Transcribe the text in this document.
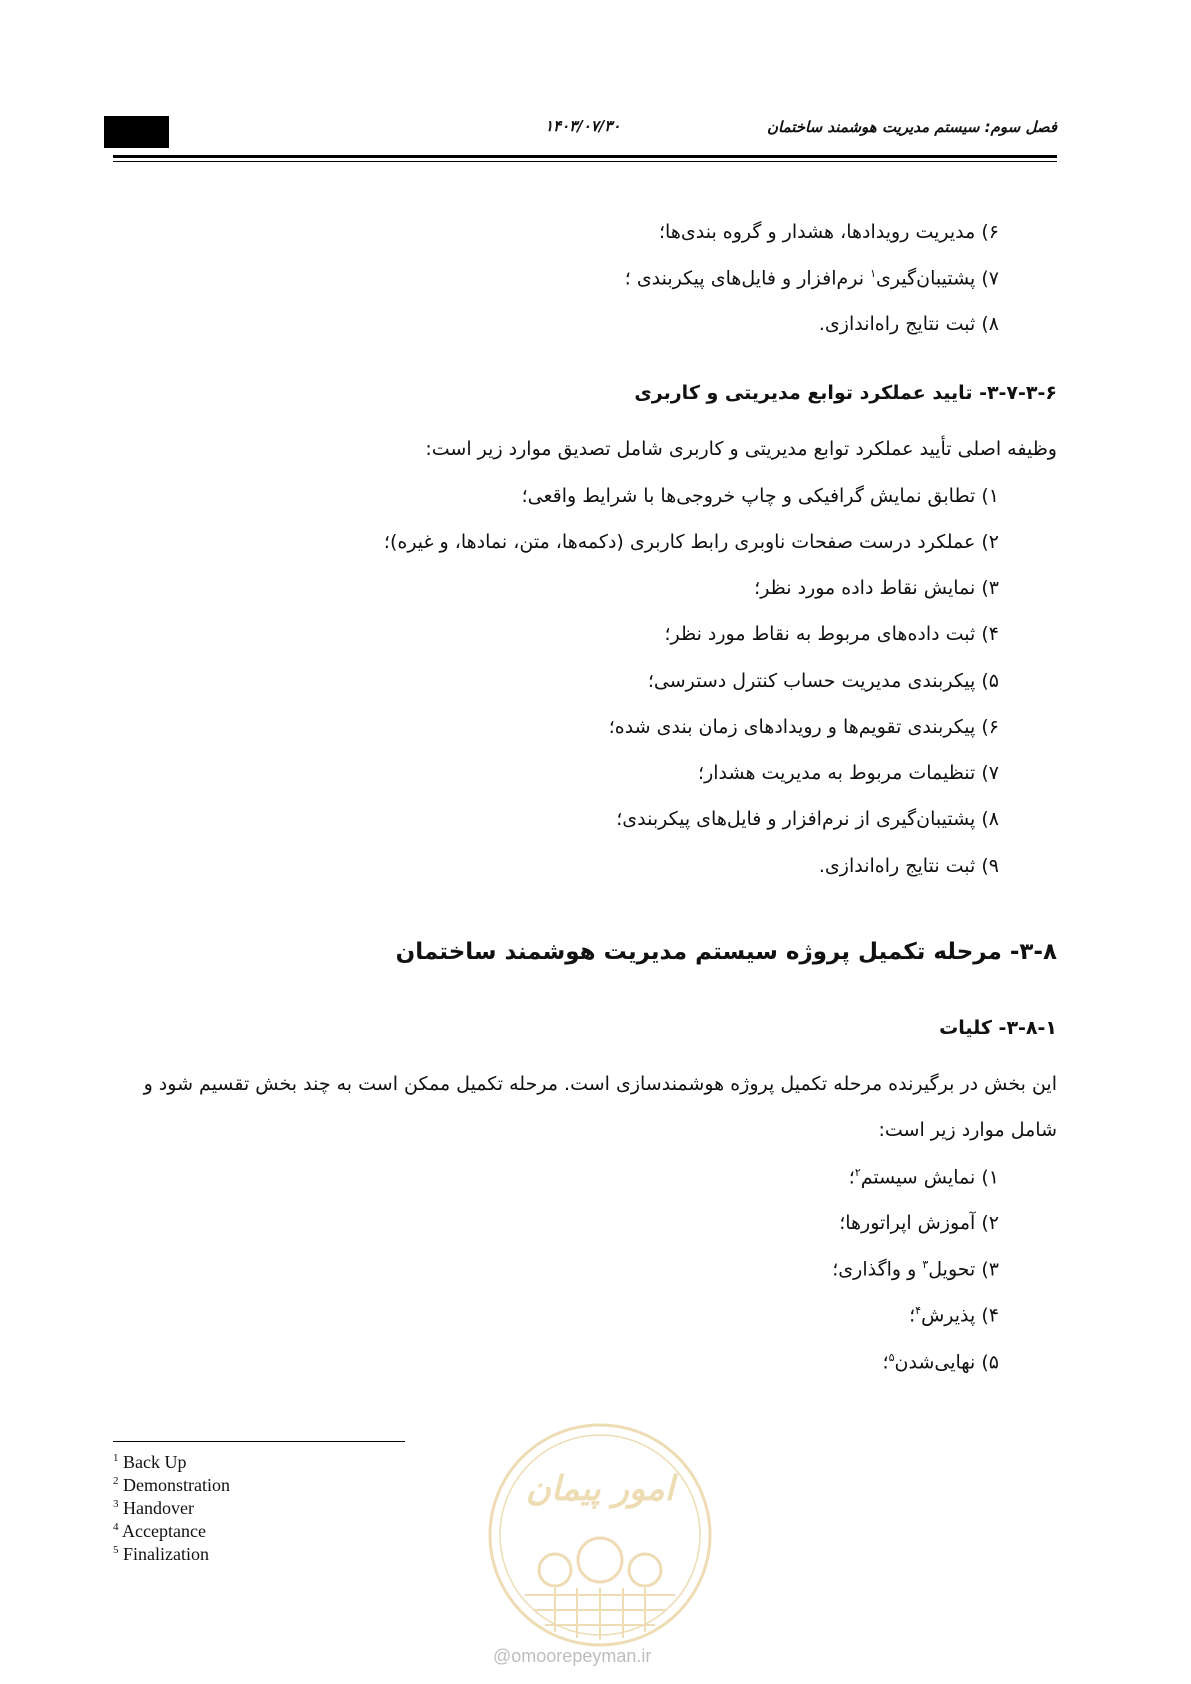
فصل سوم: سیستم مدیریت هوشمند ساختمان
۱۴۰۳/۰۷/۳۰
۶) مدیریت رویدادها، هشدار و گروه بندی‌ها؛
۷) پشتیبان‌گیری$^۱$ نرم‌افزار و فایل‌های پیکربندی ؛
۸) ثبت نتایج راه‌اندازی.
۳-۷-۳-۶- تایید عملکرد توابع مدیریتی و کاربری
وظیفه اصلی تأیید عملکرد توابع مدیریتی و کاربری شامل تصدیق موارد زیر است:
۱) تطابق نمایش گرافیکی و چاپ خروجی‌ها با شرایط واقعی؛
۲) عملکرد درست صفحات ناوبری رابط کاربری (دکمه‌ها، متن، نمادها، و غیره)؛
۳) نمایش نقاط داده مورد نظر؛
۴) ثبت داده‌های مربوط به نقاط مورد نظر؛
۵) پیکربندی مدیریت حساب کنترل دسترسی؛
۶) پیکربندی تقویم‌ها و رویدادهای زمان بندی شده؛
۷) تنظیمات مربوط به مدیریت هشدار؛
۸) پشتیبان‌گیری از نرم‌افزار و فایل‌های پیکربندی؛
۹) ثبت نتایج راه‌اندازی.
۳-۸- مرحله تکمیل پروژه سیستم مدیریت هوشمند ساختمان
۳-۸-۱- کلیات
این بخش در برگیرنده مرحله تکمیل پروژه هوشمندسازی است. مرحله تکمیل ممکن است به چند بخش تقسیم شود و
شامل موارد زیر است:
۱) نمایش سیستم$^۲$؛
۲) آموزش اپراتورها؛
۳) تحویل$^۳$ و واگذاری؛
۴) پذیرش$^۴$؛
۵) نهایی‌شدن$^۵$؛
$^1$ Back Up
$^2$ Demonstration
$^3$ Handover
$^4$ Acceptance
$^5$ Finalization
امور پیمان
@omoorepeyman.ir
